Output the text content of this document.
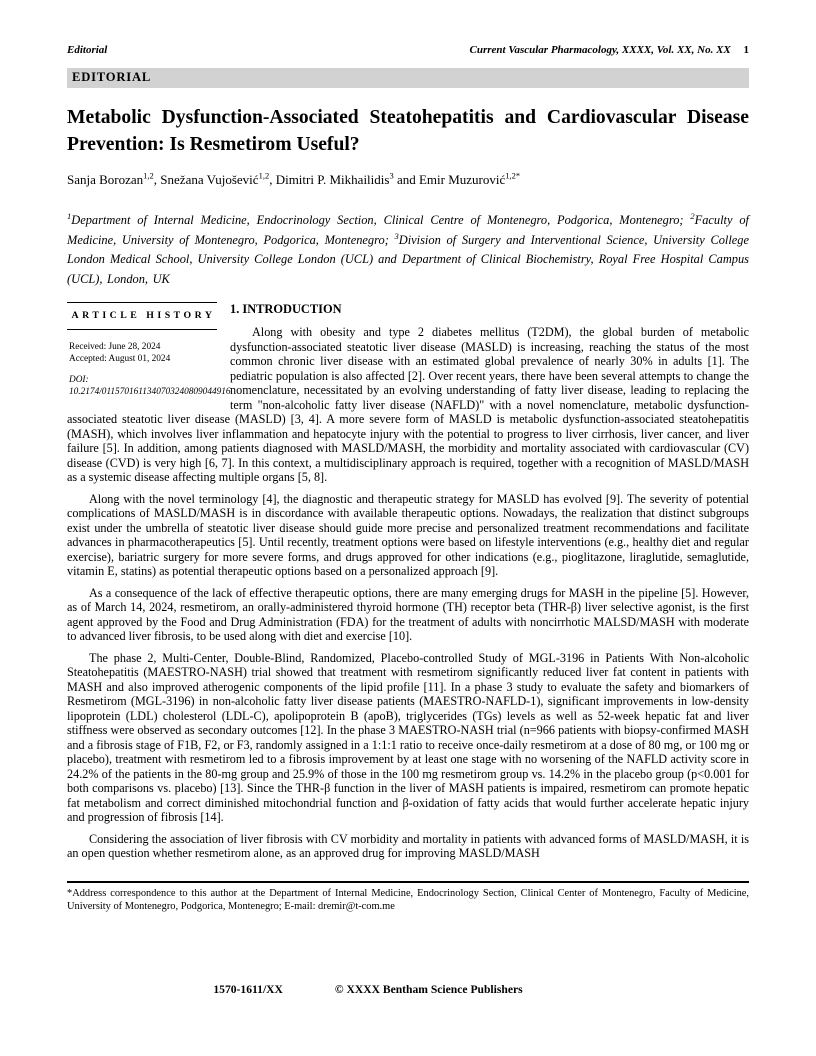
Editorial	Current Vascular Pharmacology, XXXX, Vol. XX, No. XX 1
EDITORIAL
Metabolic Dysfunction-Associated Steatohepatitis and Cardiovascular Disease Prevention: Is Resmetirom Useful?

Sanja Borozan$^{1,2}$, Snežana Vujošević$^{1,2}$, Dimitri P. Mikhailidis$^3$ and Emir Muzurović$^{1,2*}$

$^1$Department of Internal Medicine, Endocrinology Section, Clinical Centre of Montenegro, Podgorica, Montenegro; $^2$Faculty of Medicine, University of Montenegro, Podgorica, Montenegro; $^3$Division of Surgery and Interventional Science, University College London Medical School, University College London (UCL) and Department of Clinical Biochemistry, Royal Free Hospital Campus (UCL), London, UK

ARTICLE HISTORY
Received: June 28, 2024
Accepted: August 01, 2024
DOI:
10.2174/0115701611340703240809044916
1. INTRODUCTION

Along with obesity and type 2 diabetes mellitus (T2DM), the global burden of metabolic dysfunction-associated steatotic liver disease (MASLD) is increasing, reaching the status of the most common chronic liver disease with an estimated global prevalence of nearly 30% in adults [1]. The pediatric population is also affected [2]. Over recent years, there have been several attempts to change the nomenclature, necessitated by an evolving understanding of fatty liver disease, leading to replacing the term "non-alcoholic fatty liver disease (NAFLD)" with a novel nomenclature, metabolic dysfunction-associated steatotic liver disease (MASLD) [3, 4]. A more severe form of MASLD is metabolic dysfunction-associated steatohepatitis (MASH), which involves liver inflammation and hepatocyte injury with the potential to progress to liver cirrhosis, liver cancer, and liver failure [5]. In addition, among patients diagnosed with MASLD/MASH, the morbidity and mortality associated with cardiovascular (CV) disease (CVD) is very high [6, 7]. In this context, a multidisciplinary approach is required, together with a recognition of MASLD/MASH as a systemic disease affecting multiple organs [5, 8].

Along with the novel terminology [4], the diagnostic and therapeutic strategy for MASLD has evolved [9]. The severity of potential complications of MASLD/MASH is in discordance with available therapeutic options. Nowadays, the realization that distinct subgroups exist under the umbrella of steatotic liver disease should guide more precise and personalized treatment recommendations and facilitate advances in pharmacotherapeutics [5]. Until recently, treatment options were based on lifestyle interventions (e.g., healthy diet and regular exercise), bariatric surgery for more severe forms, and drugs approved for other indications (e.g., pioglitazone, liraglutide, semaglutide, vitamin E, statins) as potential therapeutic options based on a personalized approach [9].

As a consequence of the lack of effective therapeutic options, there are many emerging drugs for MASH in the pipeline [5]. However, as of March 14, 2024, resmetirom, an orally-administered thyroid hormone (TH) receptor beta (THR-β) liver selective agonist, is the first agent approved by the Food and Drug Administration (FDA) for the treatment of adults with noncirrhotic MALSD/MASH with moderate to advanced liver fibrosis, to be used along with diet and exercise [10].

The phase 2, Multi-Center, Double-Blind, Randomized, Placebo-controlled Study of MGL-3196 in Patients With Non-alcoholic Steatohepatitis (MAESTRO-NASH) trial showed that treatment with resmetirom significantly reduced liver fat content in patients with MASH and also improved atherogenic components of the lipid profile [11]. In a phase 3 study to evaluate the safety and biomarkers of Resmetirom (MGL-3196) in non-alcoholic fatty liver disease patients (MAESTRO-NAFLD-1), significant improvements in low-density lipoprotein (LDL) cholesterol (LDL-C), apolipoprotein B (apoB), triglycerides (TGs) levels as well as 52-week hepatic fat and liver stiffness were observed as secondary outcomes [12]. In the phase 3 MAESTRO-NASH trial (n=966 patients with biopsy-confirmed MASH and a fibrosis stage of F1B, F2, or F3, randomly assigned in a 1:1:1 ratio to receive once-daily resmetirom at a dose of 80 mg, or 100 mg or placebo), treatment with resmetirom led to a fibrosis improvement by at least one stage with no worsening of the NAFLD activity score in 24.2% of the patients in the 80-mg group and 25.9% of those in the 100 mg resmetirom group vs. 14.2% in the placebo group (p<0.001 for both comparisons vs. placebo) [13]. Since the THR-β function in the liver of MASH patients is impaired, resmetirom can promote hepatic fat metabolism and correct diminished mitochondrial function and β-oxidation of fatty acids that would further accelerate hepatic injury and progression of fibrosis [14].

Considering the association of liver fibrosis with CV morbidity and mortality in patients with advanced forms of MASLD/MASH, it is an open question whether resmetirom alone, as an approved drug for improving MASLD/MASH

*Address correspondence to this author at the Department of Internal Medicine, Endocrinology Section, Clinical Center of Montenegro, Faculty of Medicine, University of Montenegro, Podgorica, Montenegro; E-mail: dremir@t-com.me

1570-1611/XX	© XXXX Bentham Science Publishers
